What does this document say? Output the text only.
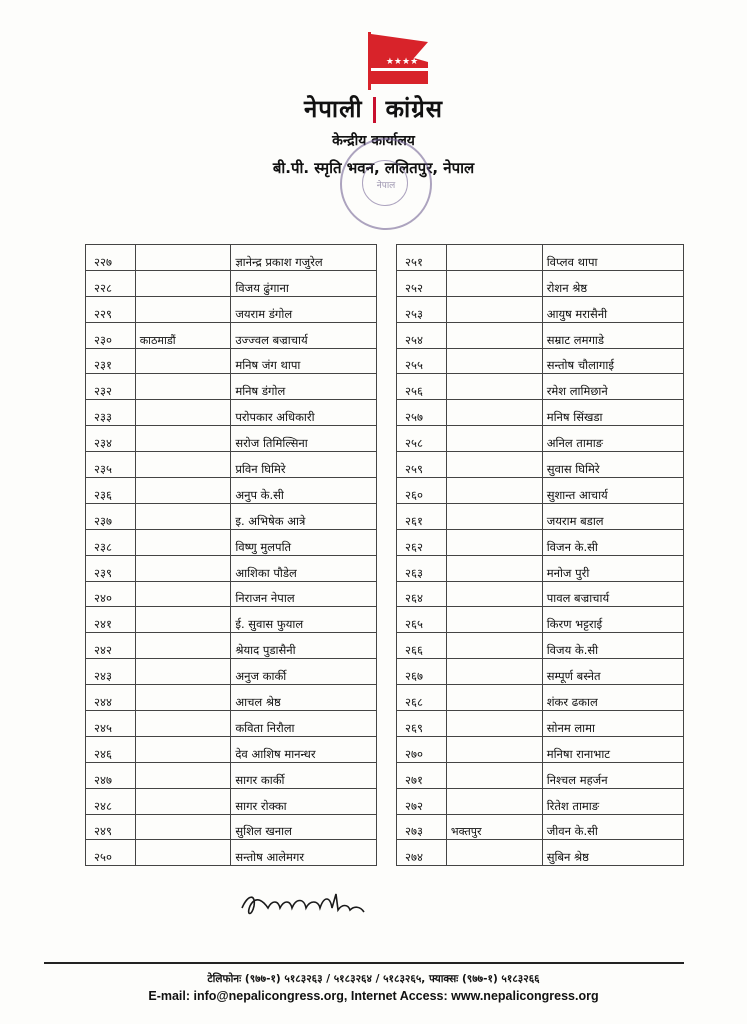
★★★★
नेपाली कांग्रेस
केन्द्रीय कार्यालय
बी.पी. स्मृति भवन, ललितपुर, नेपाल
नेपाल
२२७		ज्ञानेन्द्र प्रकाश गजुरेल
२२८		विजय ढुंगाना
२२९		जयराम डंगोल
२३०	काठमाडौं	उज्ज्वल बज्राचार्य
२३१		मनिष जंग थापा
२३२		मनिष डंगोल
२३३		परोपकार अधिकारी
२३४		सरोज तिमिल्सिना
२३५		प्रविन घिमिरे
२३६		अनुप के.सी
२३७		इ. अभिषेक आत्रे
२३८		विष्णु मुलपति
२३९		आशिका पौडेल
२४०		निराजन नेपाल
२४१		ई. सुवास फुयाल
२४२		श्रेयाद पुडासैनी
२४३		अनुज कार्की
२४४		आचल श्रेष्ठ
२४५		कविता निरौला
२४६		देव आशिष मानन्धर
२४७		सागर कार्की
२४८		सागर रोक्का
२४९		सुशिल खनाल
२५०		सन्तोष आलेमगर
२५१		विप्लव थापा
२५२		रोशन श्रेष्ठ
२५३		आयुष मरासैनी
२५४		सम्राट लमगाडे
२५५		सन्तोष चौलागाई
२५६		रमेश लामिछाने
२५७		मनिष सिंखडा
२५८		अनिल तामाङ
२५९		सुवास घिमिरे
२६०		सुशान्त आचार्य
२६१		जयराम बडाल
२६२		विजन के.सी
२६३		मनोज पुरी
२६४		पावल बज्राचार्य
२६५		किरण भट्टराई
२६६		विजय के.सी
२६७		सम्पूर्ण बस्नेत
२६८		शंकर ढकाल
२६९		सोनम लामा
२७०		मनिषा रानाभाट
२७१		निश्चल महर्जन
२७२		रितेश तामाङ
२७३	भक्तपुर	जीवन के.सी
२७४		सुबिन श्रेष्ठ
टेलिफोनः (९७७-१) ५१८३२६३ / ५१८३२६४ / ५१८३२६५, फ्याक्सः (९७७-१) ५१८३२६६
E-mail: info@nepalicongress.org, Internet Access: www.nepalicongress.org
